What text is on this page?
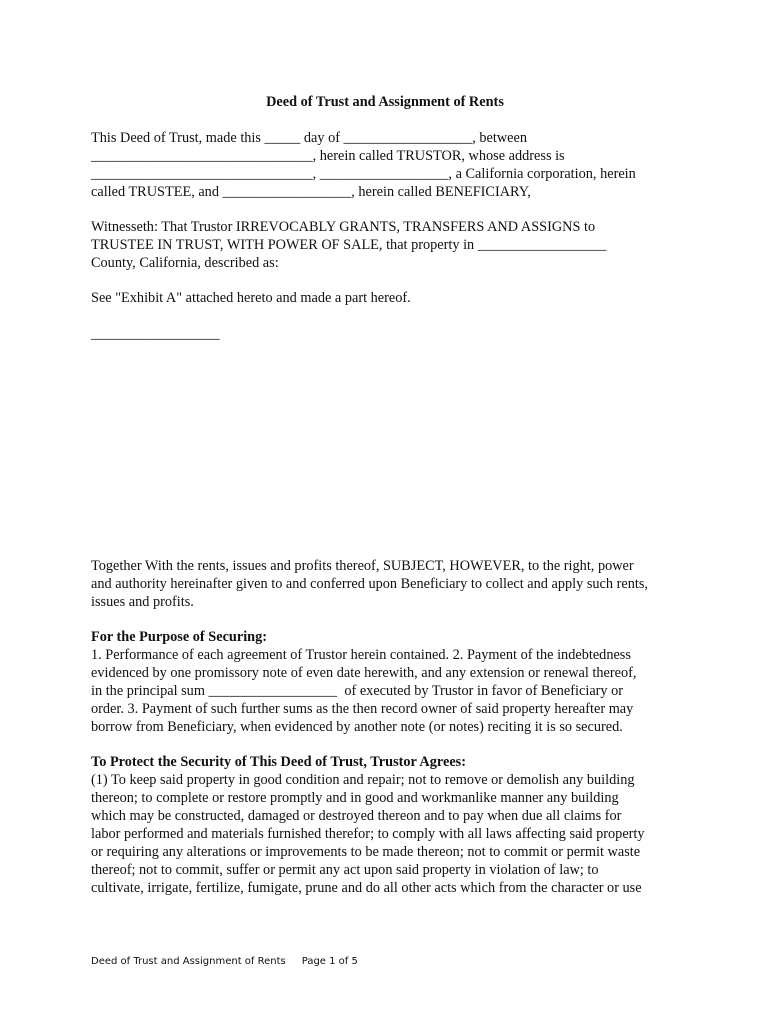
Deed of Trust and Assignment of Rents
This Deed of Trust, made this _____ day of __________________, between
_______________________________, herein called TRUSTOR, whose address is
_______________________________, __________________, a California corporation, herein
called TRUSTEE, and __________________, herein called BENEFICIARY,
Witnesseth: That Trustor IRREVOCABLY GRANTS, TRANSFERS AND ASSIGNS to
TRUSTEE IN TRUST, WITH POWER OF SALE, that property in __________________
County, California, described as:
See "Exhibit A" attached hereto and made a part hereof.
__________________
Together With the rents, issues and profits thereof, SUBJECT, HOWEVER, to the right, power
and authority hereinafter given to and conferred upon Beneficiary to collect and apply such rents,
issues and profits.
For the Purpose of Securing:
1. Performance of each agreement of Trustor herein contained. 2. Payment of the indebtedness
evidenced by one promissory note of even date herewith, and any extension or renewal thereof,
in the principal sum __________________  of executed by Trustor in favor of Beneficiary or
order. 3. Payment of such further sums as the then record owner of said property hereafter may
borrow from Beneficiary, when evidenced by another note (or notes) reciting it is so secured.
To Protect the Security of This Deed of Trust, Trustor Agrees:
(1) To keep said property in good condition and repair; not to remove or demolish any building
thereon; to complete or restore promptly and in good and workmanlike manner any building
which may be constructed, damaged or destroyed thereon and to pay when due all claims for
labor performed and materials furnished therefor; to comply with all laws affecting said property
or requiring any alterations or improvements to be made thereon; not to commit or permit waste
thereof; not to commit, suffer or permit any act upon said property in violation of law; to
cultivate, irrigate, fertilize, fumigate, prune and do all other acts which from the character or use
Deed of Trust and Assignment of Rents Page 1 of 5
